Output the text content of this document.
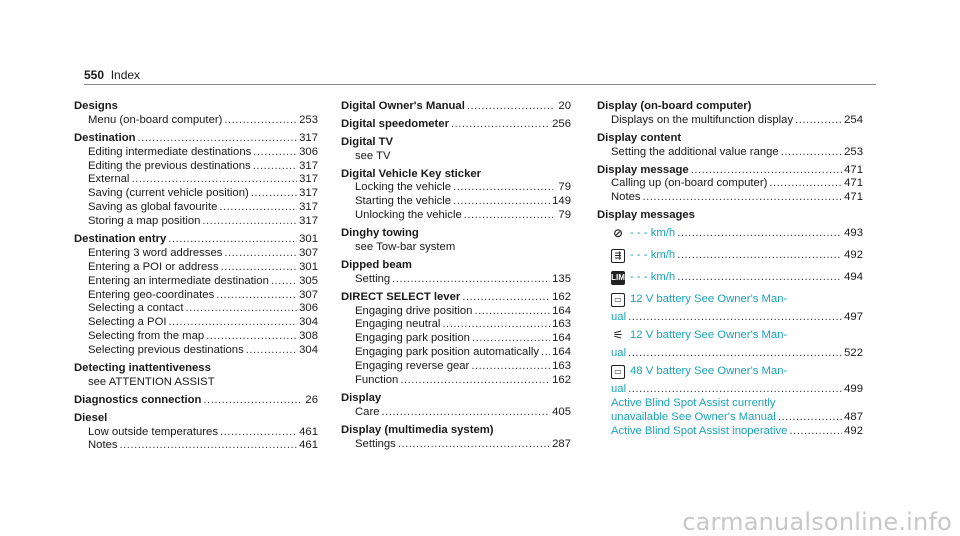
550 Index
Designs
Menu (on-board computer) .....	253
Destination .....	317
Editing intermediate destinations .....	306
Editing the previous destinations .....	317
External .....	317
Saving (current vehicle position) .....	317
Saving as global favourite .....	317
Storing a map position .....	317
Destination entry .....	301
Entering 3 word addresses .....	307
Entering a POI or address .....	301
Entering an intermediate destination .....	305
Entering geo-coordinates .....	307
Selecting a contact .....	306
Selecting a POI .....	304
Selecting from the map .....	308
Selecting previous destinations .....	304
Detecting inattentiveness
see ATTENTION ASSIST
Diagnostics connection .....	26
Diesel
Low outside temperatures .....	461
Notes .....	461
Digital Owner's Manual .....	20
Digital speedometer .....	256
Digital TV
see TV
Digital Vehicle Key sticker
Locking the vehicle .....	79
Starting the vehicle .....	149
Unlocking the vehicle .....	79
Dinghy towing
see Tow-bar system
Dipped beam
Setting .....	135
DIRECT SELECT lever .....	162
Engaging drive position .....	164
Engaging neutral .....	163
Engaging park position .....	164
Engaging park position automatically ..... 164
Engaging reverse gear .....	163
Function .....	162
Display
Care .....	405
Display (multimedia system)
Settings .....	287
Display (on-board computer)
Displays on the multifunction display .....	254
Display content
Setting the additional value range .....	253
Display message .....	471
Calling up (on-board computer) .....	471
Notes .....	471
Display messages
⊘ - - - km/h .....	493
⇶ - - - km/h .....	492
LIM - - - km/h .....	494
▭ 12 V battery See Owner's Man-
ual .....	497
⚟ 12 V battery See Owner's Man-
ual .....	522
▭ 48 V battery See Owner's Man-
ual .....	499
Active Blind Spot Assist currently
unavailable See Owner's Manual .....	487
Active Blind Spot Assist inoperative .....	492
carmanualsonline.info
